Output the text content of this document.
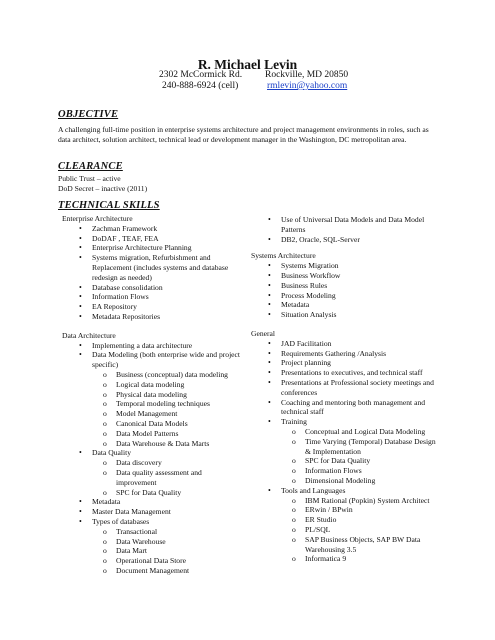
R. Michael Levin
2302 McCormick Rd. Rockville, MD 20850
240-888-6924 (cell)	rmlevin@yahoo.com
OBJECTIVE
A challenging full-time position in enterprise systems architecture and project management environments in roles, such as data architect, solution architect, technical lead or development manager in the Washington, DC metropolitan area.
CLEARANCE
Public Trust – active
DoD Secret – inactive (2011)
TECHNICAL SKILLS
Enterprise Architecture
• Zachman Framework
• DoDAF , TEAF, FEA
• Enterprise Architecture Planning
• Systems migration, Refurbishment and Replacement (includes systems and database redesign as needed)
• Database consolidation
• Information Flows
• EA Repository
• Metadata Repositories
Data Architecture
• Implementing a data architecture
• Data Modeling (both enterprise wide and project specific)
o Business (conceptual) data modeling
o Logical data modeling
o Physical data modeling
o Temporal modeling techniques
o Model Management
o Canonical Data Models
o Data Model Patterns
o Data Warehouse & Data Marts
• Data Quality
o Data discovery
o Data quality assessment and improvement
o SPC for Data Quality
• Metadata
• Master Data Management
• Types of databases
o Transactional
o Data Warehouse
o Data Mart
o Operational Data Store
o Document Management
• Use of Universal Data Models and Data Model Patterns
• DB2, Oracle, SQL-Server
Systems Architecture
• Systems Migration
• Business Workflow
• Business Rules
• Process Modeling
• Metadata
• Situation Analysis
General
• JAD Facilitation
• Requirements Gathering /Analysis
• Project planning
• Presentations to executives, and technical staff
• Presentations at Professional society meetings and conferences
• Coaching and mentoring both management and technical staff
• Training
o Conceptual and Logical Data Modeling
o Time Varying (Temporal) Database Design & Implementation
o SPC for Data Quality
o Information Flows
o Dimensional Modeling
• Tools and Languages
o IBM Rational (Popkin) System Architect
o ERwin / BPwin
o ER Studio
o PL/SQL
o SAP Business Objects, SAP BW Data Warehousing 3.5
o Informatica 9
